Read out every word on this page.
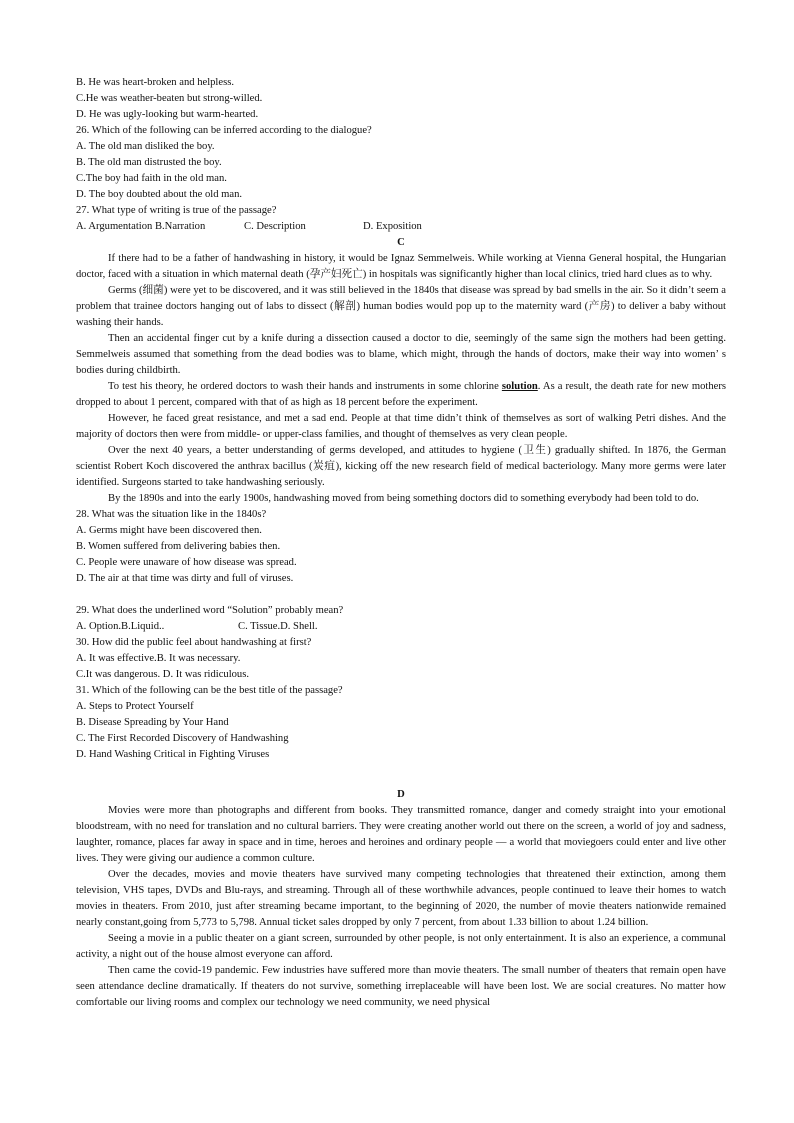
B. He was heart-broken and helpless.
C.He was weather-beaten but strong-willed.
D. He was ugly-looking but warm-hearted.
26. Which of the following can be inferred according to the dialogue?
A. The old man disliked the boy.
B. The old man distrusted the boy.
C.The boy had faith in the old man.
D. The boy doubted about the old man.
27. What type of writing is true of the passage?
A. Argumentation B.Narration	C. Description	D. Exposition
C
If there had to be a father of handwashing in history, it would be Ignaz Semmelweis. While working at Vienna General hospital, the Hungarian doctor, faced with a situation in which maternal death (孕产妇死亡) in hospitals was significantly higher than local clinics, tried hard clues as to why.
Germs (细菌) were yet to be discovered, and it was still believed in the 1840s that disease was spread by bad smells in the air. So it didn’t seem a problem that trainee doctors hanging out of labs to dissect (解剖) human bodies would pop up to the maternity ward (产房) to deliver a baby without washing their hands.
Then an accidental finger cut by a knife during a dissection caused a doctor to die, seemingly of the same sign the mothers had been getting. Semmelweis assumed that something from the dead bodies was to blame, which might, through the hands of doctors, make their way into women’ s bodies during childbirth.
To test his theory, he ordered doctors to wash their hands and instruments in some chlorine solution. As a result, the death rate for new mothers dropped to about 1 percent, compared with that of as high as 18 percent before the experiment.
However, he faced great resistance, and met a sad end. People at that time didn’t think of themselves as sort of walking Petri dishes. And the majority of doctors then were from middle- or upper-class families, and thought of themselves as very clean people.
Over the next 40 years, a better understanding of germs developed, and attitudes to hygiene (卫生) gradually shifted. In 1876, the German scientist Robert Koch discovered the anthrax bacillus (炭疽), kicking off the new research field of medical bacteriology. Many more germs were later identified. Surgeons started to take handwashing seriously.
By the 1890s and into the early 1900s, handwashing moved from being something doctors did to something everybody had been told to do.
28. What was the situation like in the 1840s?
A. Germs might have been discovered then.
B. Women suffered from delivering babies then.
C. People were unaware of how disease was spread.
D. The air at that time was dirty and full of viruses.
29. What does the underlined word “Solution” probably mean?
A. Option.B.Liquid..	C. Tissue.D. Shell.
30. How did the public feel about handwashing at first?
A. It was effective.B. It was necessary.
C.It was dangerous. D. It was ridiculous.
31. Which of the following can be the best title of the passage?
A. Steps to Protect Yourself
B. Disease Spreading by Your Hand
C. The First Recorded Discovery of Handwashing
D. Hand Washing Critical in Fighting Viruses
D
Movies were more than photographs and different from books. They transmitted romance, danger and comedy straight into your emotional bloodstream, with no need for translation and no cultural barriers. They were creating another world out there on the screen, a world of joy and sadness, laughter, romance, places far away in space and in time, heroes and heroines and ordinary people — a world that moviegoers could enter and live other lives. They were giving our audience a common culture.
Over the decades, movies and movie theaters have survived many competing technologies that threatened their extinction, among them television, VHS tapes, DVDs and Blu-rays, and streaming. Through all of these worthwhile advances, people continued to leave their homes to watch movies in theaters. From 2010, just after streaming became important, to the beginning of 2020, the number of movie theaters nationwide remained nearly constant,going from 5,773 to 5,798. Annual ticket sales dropped by only 7 percent, from about 1.33 billion to about 1.24 billion.
Seeing a movie in a public theater on a giant screen, surrounded by other people, is not only entertainment. It is also an experience, a communal activity, a night out of the house almost everyone can afford.
Then came the covid-19 pandemic. Few industries have suffered more than movie theaters. The small number of theaters that remain open have seen attendance decline dramatically. If theaters do not survive, something irreplaceable will have been lost. We are social creatures. No matter how comfortable our living rooms and complex our technology we need community, we need physical
